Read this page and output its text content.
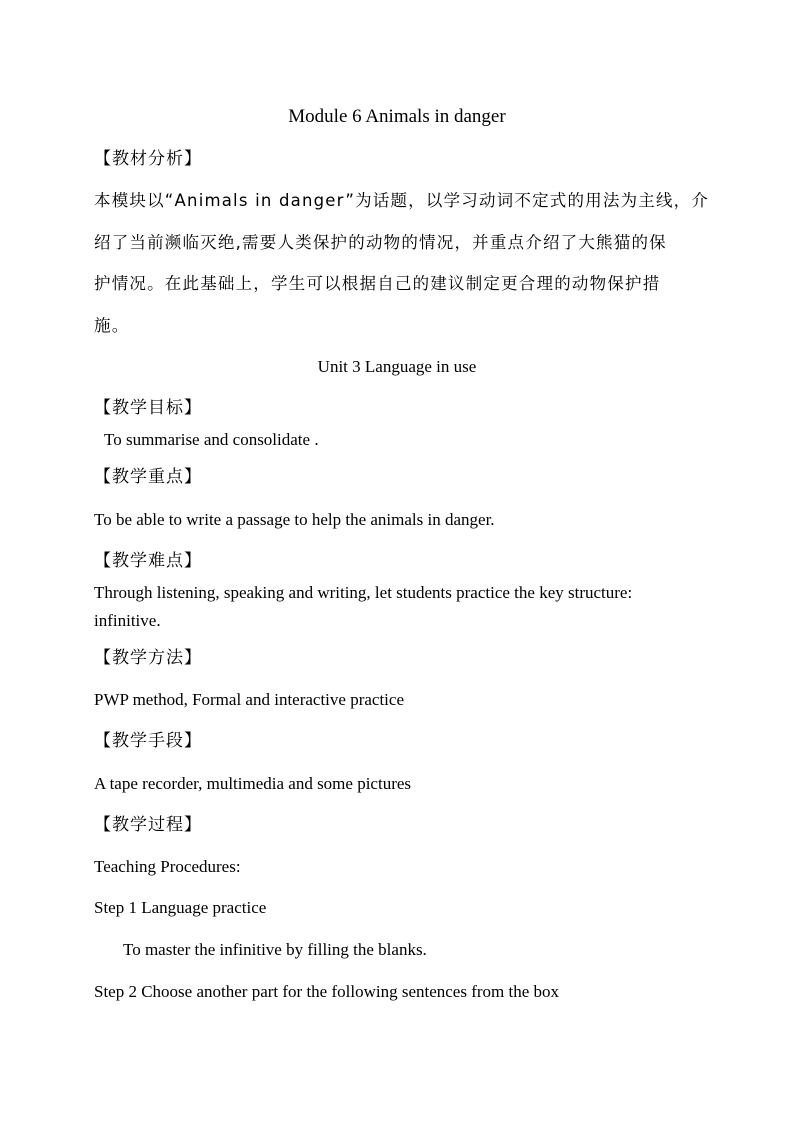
Module 6 Animals in danger
【教材分析】
本模块以“Animals in danger”为话题，以学习动词不定式的用法为主线，介
绍了当前濒临灭绝,需要人类保护的动物的情况，并重点介绍了大熊猫的保
护情况。在此基础上，学生可以根据自己的建议制定更合理的动物保护措
施。
Unit 3 Language in use
【教学目标】
To summarise and consolidate .
【教学重点】
To be able to write a passage to help the animals in danger.
【教学难点】
Through listening, speaking and writing, let students practice the key structure:
infinitive.
【教学方法】
PWP method, Formal and interactive practice
【教学手段】
A tape recorder, multimedia and some pictures
【教学过程】
Teaching Procedures:
Step 1 Language practice
To master the infinitive by filling the blanks.
Step 2 Choose another part for the following sentences from the box
